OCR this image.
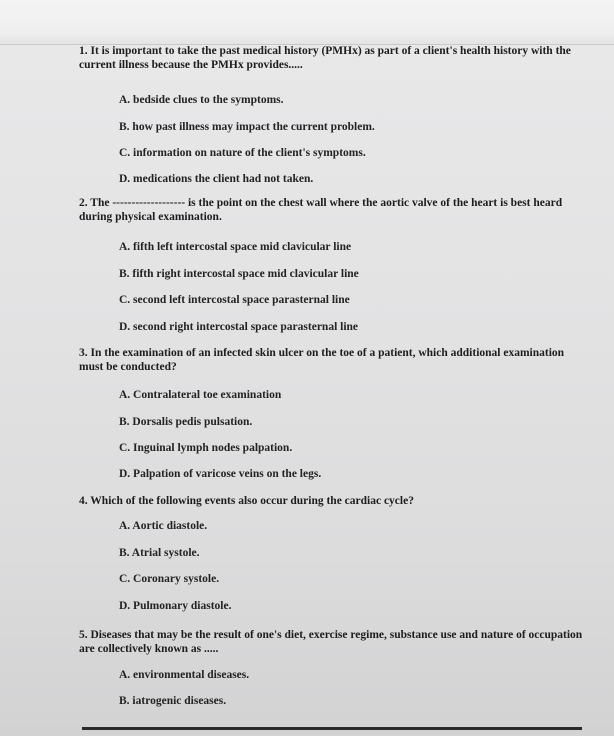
1. It is important to take the past medical history (PMHx) as part of a client's health history with the current illness because the PMHx provides.....
A. bedside clues to the symptoms.
B. how past illness may impact the current problem.
C. information on nature of the client's symptoms.
D. medications the client had not taken.
2. The ------------------- is the point on the chest wall where the aortic valve of the heart is best heard during physical examination.
A. fifth left intercostal space mid clavicular line
B. fifth right intercostal space mid clavicular line
C. second left intercostal space parasternal line
D. second right intercostal space parasternal line
3. In the examination of an infected skin ulcer on the toe of a patient, which additional examination must be conducted?
A. Contralateral toe examination
B. Dorsalis pedis pulsation.
C. Inguinal lymph nodes palpation.
D. Palpation of varicose veins on the legs.
4. Which of the following events also occur during the cardiac cycle?
A. Aortic diastole.
B. Atrial systole.
C. Coronary systole.
D. Pulmonary diastole.
5. Diseases that may be the result of one's diet, exercise regime, substance use and nature of occupation are collectively known as .....
A. environmental diseases.
B. iatrogenic diseases.
